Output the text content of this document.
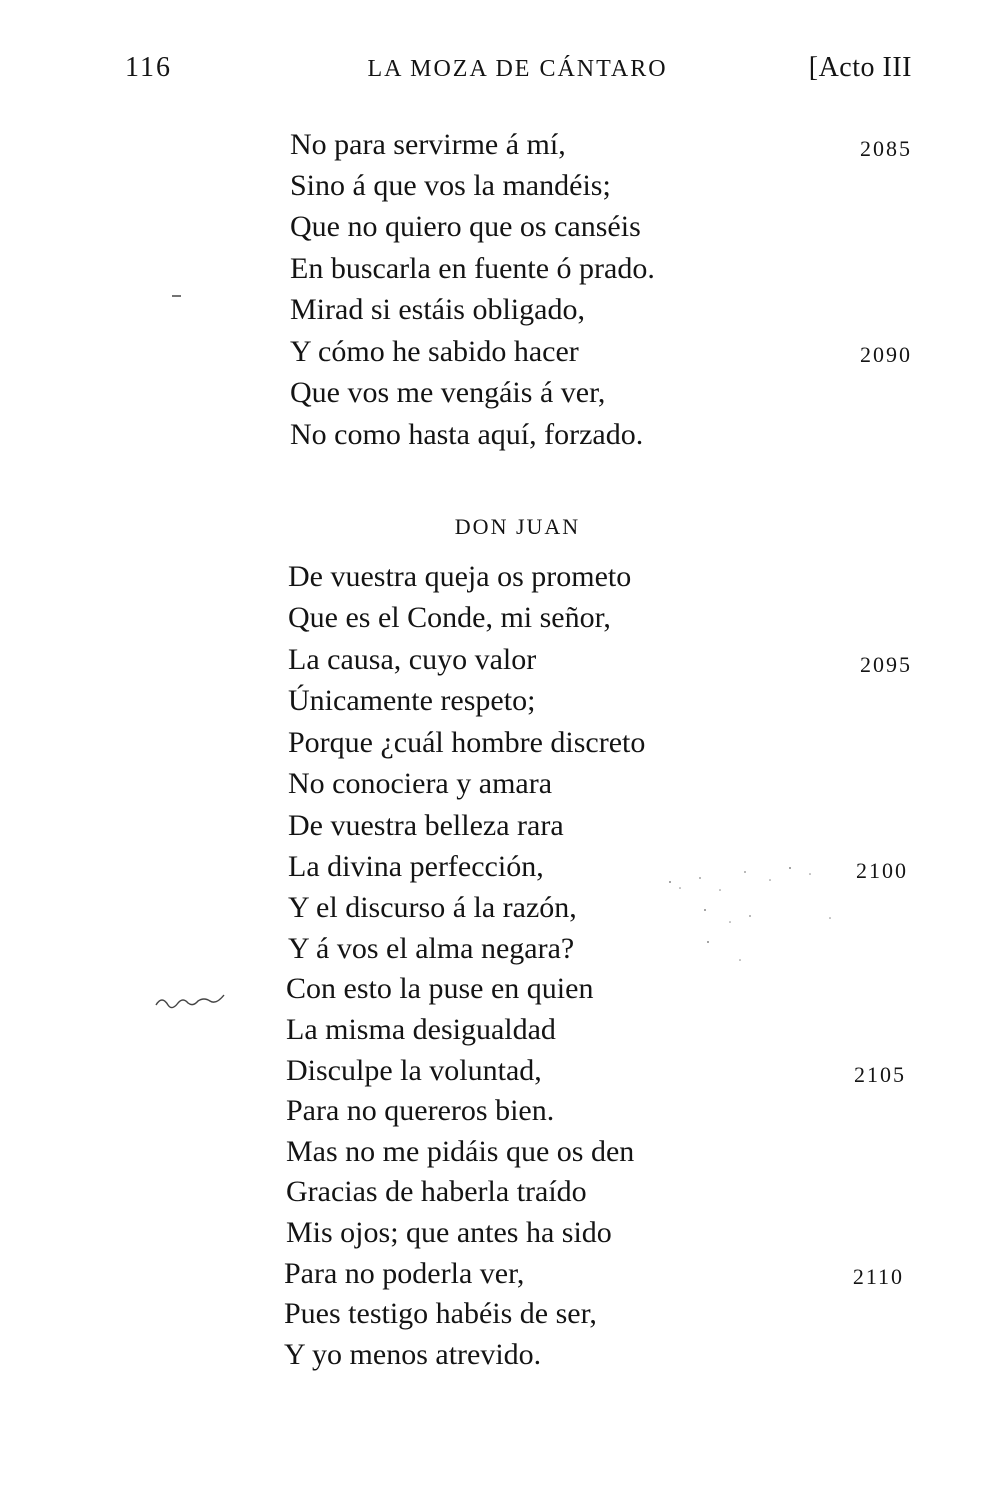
116	LA MOZA DE CÁNTARO	[Acto III
No para servirme á mí,
Sino á que vos la mandéis;
Que no quiero que os canséis
En buscarla en fuente ó prado.
Mirad si estáis obligado,
Y cómo he sabido hacer
Que vos me vengáis á ver,
No como hasta aquí, forzado.
2085
2090
DON JUAN
De vuestra queja os prometo
Que es el Conde, mi señor,
La causa, cuyo valor
Únicamente respeto;
Porque ¿cuál hombre discreto
No conociera y amara
De vuestra belleza rara
La divina perfección,
Y el discurso á la razón,
Y á vos el alma negara?
Con esto la puse en quien
La misma desigualdad
Disculpe la voluntad,
Para no quereros bien.
Mas no me pidáis que os den
Gracias de haberla traído
Mis ojos; que antes ha sido
Para no poderla ver,
Pues testigo habéis de ser,
Y yo menos atrevido.
2095
2100
2105
2110
